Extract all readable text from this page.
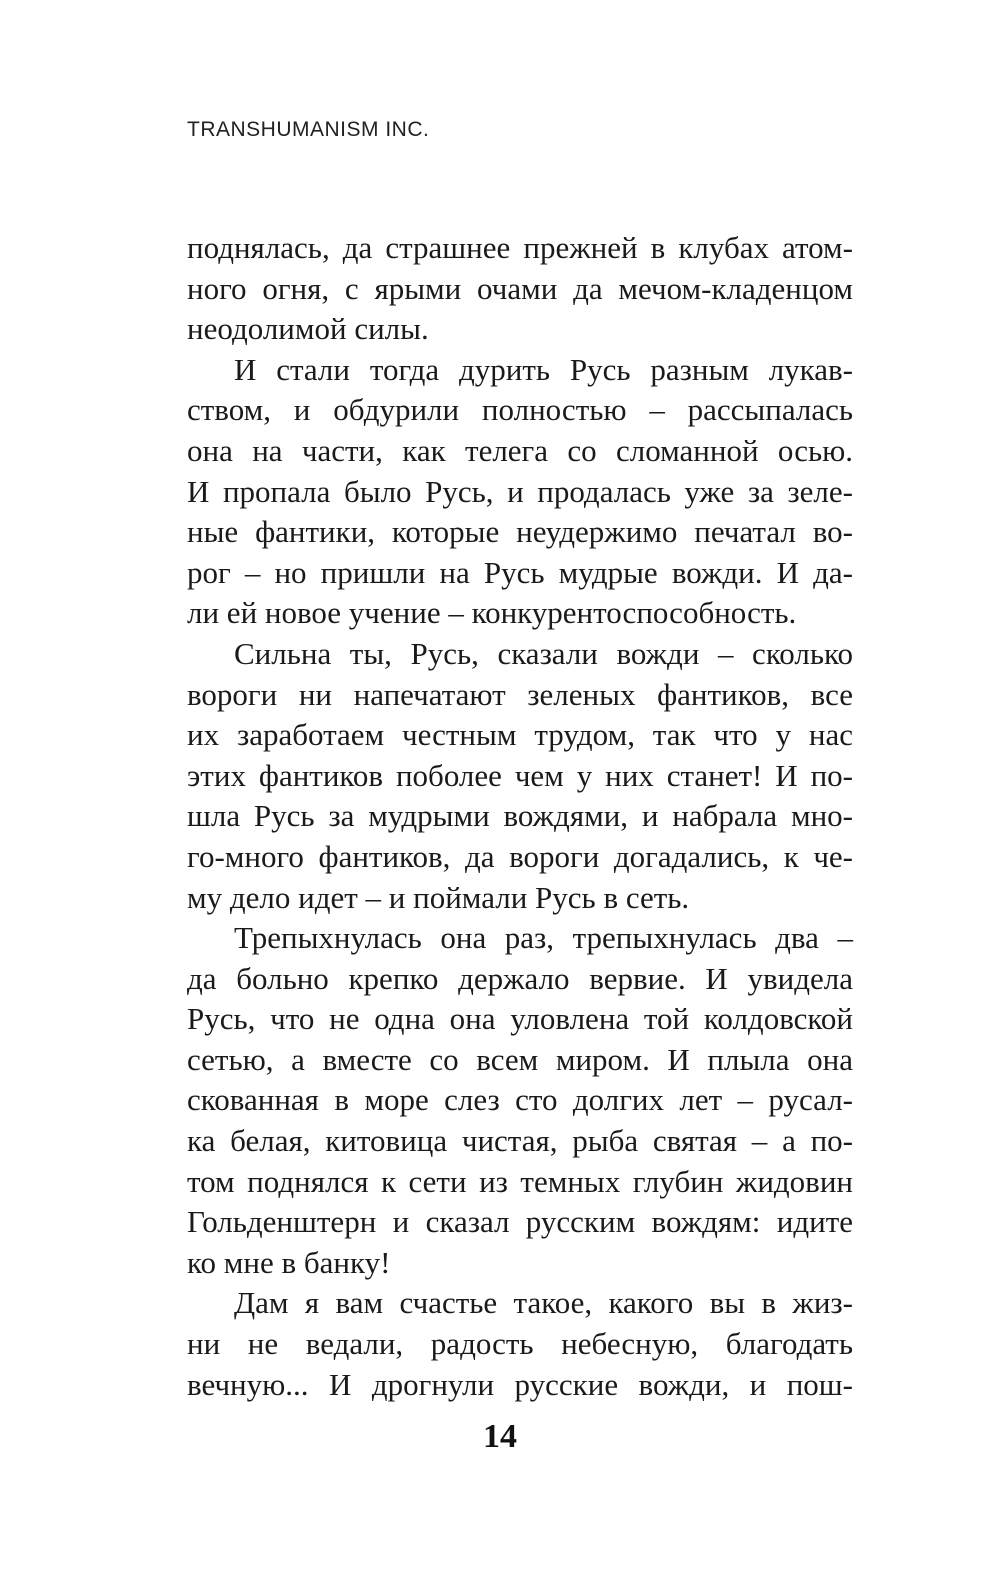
TRANSHUMANISM INC.
поднялась, да страшнее прежней в клубах атом-
ного огня, с ярыми очами да мечом-кладенцом
неодолимой силы.
И стали тогда дурить Русь разным лукав-
ством, и обдурили полностью – рассыпалась
она на части, как телега со сломанной осью.
И пропала было Русь, и продалась уже за зеле-
ные фантики, которые неудержимо печатал во-
рог – но пришли на Русь мудрые вожди. И да-
ли ей новое учение – конкурентоспособность.
Сильна ты, Русь, сказали вожди – сколько
вороги ни напечатают зеленых фантиков, все
их заработаем честным трудом, так что у нас
этих фантиков поболее чем у них станет! И по-
шла Русь за мудрыми вождями, и набрала мно-
го-много фантиков, да вороги догадались, к че-
му дело идет – и поймали Русь в сеть.
Трепыхнулась она раз, трепыхнулась два –
да больно крепко держало вервие. И увидела
Русь, что не одна она уловлена той колдовской
сетью, а вместе со всем миром. И плыла она
скованная в море слез сто долгих лет – русал-
ка белая, китовица чистая, рыба святая – а по-
том поднялся к сети из темных глубин жидовин
Гольденштерн и сказал русским вождям: идите
ко мне в банку!
Дам я вам счастье такое, какого вы в жиз-
ни не ведали, радость небесную, благодать
вечную... И дрогнули русские вожди, и пош-
14
